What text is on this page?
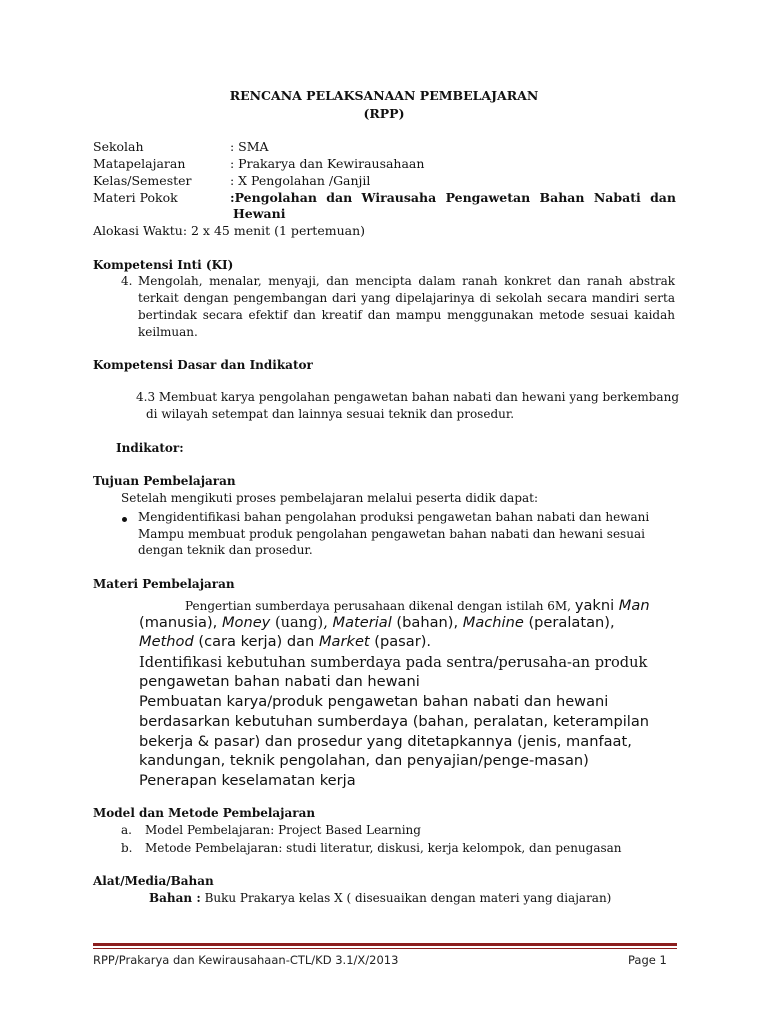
RENCANA PELAKSANAAN PEMBELAJARAN
(RPP)
Sekolah	: SMA
Matapelajaran	: Prakarya dan Kewirausahaan
Kelas/Semester	: X Pengolahan /Ganjil
Materi Pokok	:Pengolahan dan Wirausaha Pengawetan Bahan Nabati dan
Hewani
Alokasi Waktu: 2 x 45 menit (1 pertemuan)
Kompetensi Inti (KI)
4. Mengolah, menalar, menyaji, dan mencipta dalam ranah konkret dan ranah abstrak
terkait dengan pengembangan dari yang dipelajarinya di sekolah secara mandiri serta
bertindak secara efektif dan kreatif dan mampu menggunakan metode sesuai kaidah
keilmuan.
Kompetensi Dasar dan Indikator
4.3 Membuat karya pengolahan pengawetan bahan nabati dan hewani yang berkembang
di wilayah setempat dan lainnya sesuai teknik dan prosedur.
Indikator:
Tujuan Pembelajaran
Setelah mengikuti proses pembelajaran melalui peserta didik dapat:
Mengidentifikasi bahan pengolahan produksi pengawetan bahan nabati dan hewani
Mampu membuat produk pengolahan pengawetan bahan nabati dan hewani sesuai
dengan teknik dan prosedur.
Materi Pembelajaran
Pengertian sumberdaya perusahaan dikenal dengan istilah 6M, yakni Man
(manusia), Money (uang), Material (bahan), Machine (peralatan),
Method (cara kerja) dan Market (pasar).
Identifikasi kebutuhan sumberdaya pada sentra/perusaha-an produk
pengawetan bahan nabati dan hewani
Pembuatan karya/produk pengawetan bahan nabati dan hewani
berdasarkan kebutuhan sumberdaya (bahan, peralatan, keterampilan
bekerja & pasar) dan prosedur yang ditetapkannya (jenis, manfaat,
kandungan, teknik pengolahan, dan penyajian/penge-masan)
Penerapan keselamatan kerja
Model dan Metode Pembelajaran
a. Model Pembelajaran: Project Based Learning
b. Metode Pembelajaran: studi literatur, diskusi, kerja kelompok, dan penugasan
Alat/Media/Bahan
Bahan : Buku Prakarya kelas X ( disesuaikan dengan materi yang diajaran)
RPP/Prakarya dan Kewirausahaan-CTL/KD 3.1/X/2013	Page 1
